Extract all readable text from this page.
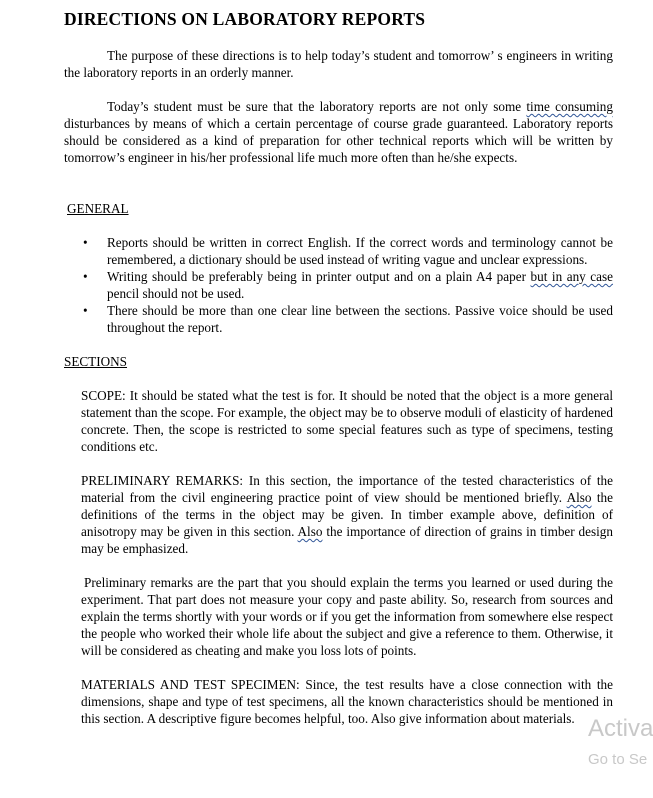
DIRECTIONS ON LABORATORY REPORTS

The purpose of these directions is to help today’s student and tomorrow’ s engineers in writing the laboratory reports in an orderly manner.

Today’s student must be sure that the laboratory reports are not only some time consuming disturbances by means of which a certain percentage of course grade guaranteed. Laboratory reports should be considered as a kind of preparation for other technical reports which will be written by tomorrow’s engineer in his/her professional life much more often than he/she expects.

GENERAL

• Reports should be written in correct English. If the correct words and terminology cannot be remembered, a dictionary should be used instead of writing vague and unclear expressions.
• Writing should be preferably being in printer output and on a plain A4 paper but in any case pencil should not be used.
• There should be more than one clear line between the sections. Passive voice should be used throughout the report.

SECTIONS

SCOPE: It should be stated what the test is for. It should be noted that the object is a more general statement than the scope. For example, the object may be to observe moduli of elasticity of hardened concrete. Then, the scope is restricted to some special features such as type of specimens, testing conditions etc.

PRELIMINARY REMARKS: In this section, the importance of the tested characteristics of the material from the civil engineering practice point of view should be mentioned briefly. Also the definitions of the terms in the object may be given. In timber example above, definition of anisotropy may be given in this section. Also the importance of direction of grains in timber design may be emphasized.

Preliminary remarks are the part that you should explain the terms you learned or used during the experiment. That part does not measure your copy and paste ability. So, research from sources and explain the terms shortly with your words or if you get the information from somewhere else respect the people who worked their whole life about the subject and give a reference to them. Otherwise, it will be considered as cheating and make you loss lots of points.

MATERIALS AND TEST SPECIMEN: Since, the test results have a close connection with the dimensions, shape and type of test specimens, all the known characteristics should be mentioned in this section. A descriptive figure becomes helpful, too. Also give information about materials. Activa
Go to Se
